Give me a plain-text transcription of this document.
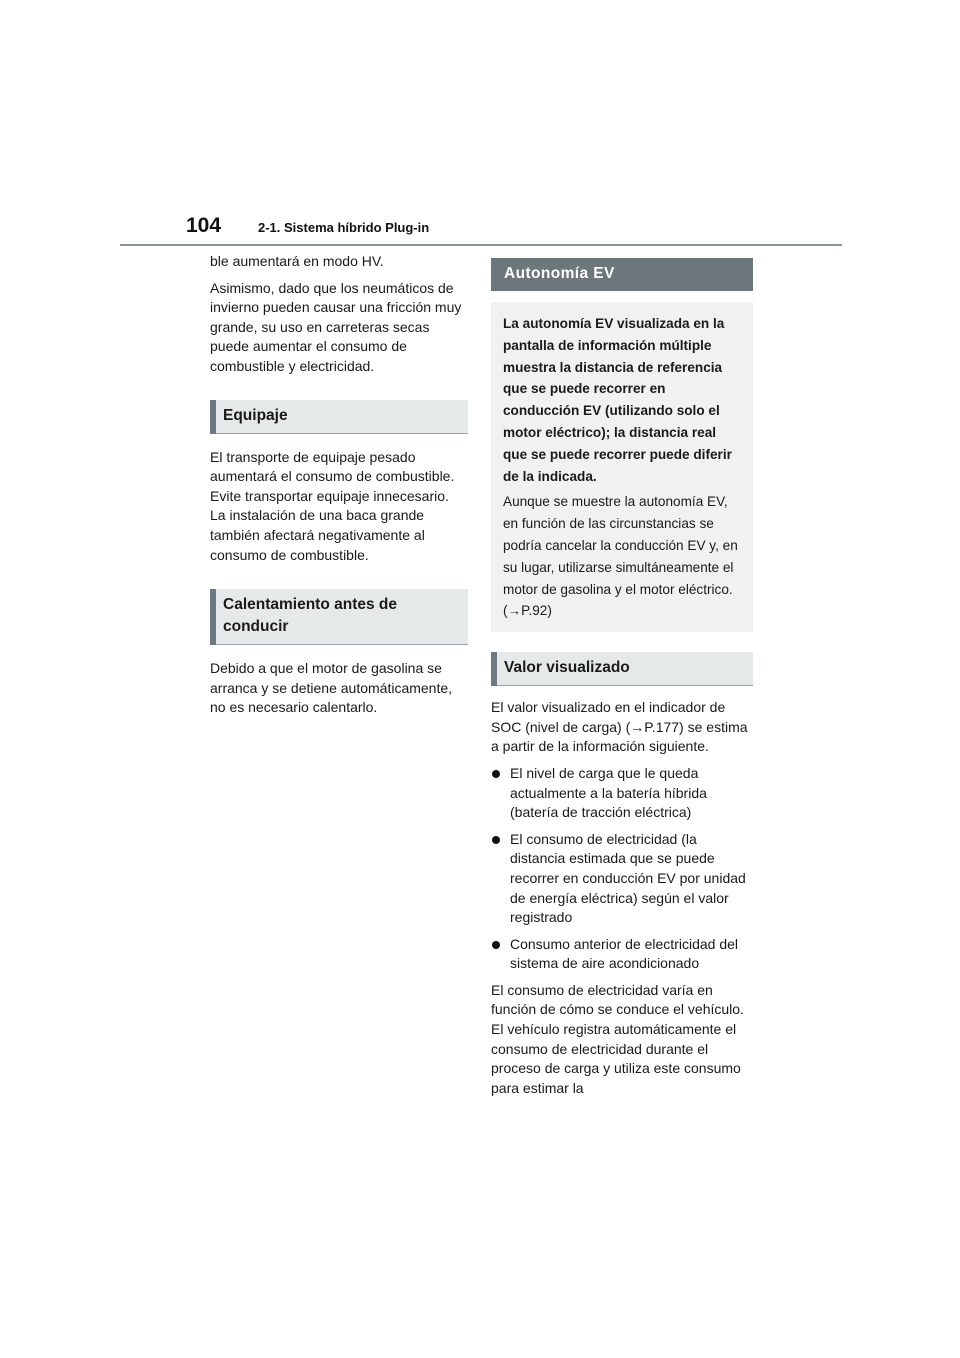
104	2-1. Sistema híbrido Plug-in

ble aumentará en modo HV.

Asimismo, dado que los neumáticos de invierno pueden causar una fricción muy grande, su uso en carreteras secas puede aumentar el consumo de combustible y electricidad.

Equipaje

El transporte de equipaje pesado aumentará el consumo de combustible. Evite transportar equipaje innecesario. La instalación de una baca grande también afectará negativamente al consumo de combustible.

Calentamiento antes de conducir

Debido a que el motor de gasolina se arranca y se detiene automáticamente, no es necesario calentarlo.

Autonomía EV

La autonomía EV visualizada en la pantalla de información múltiple muestra la distancia de referencia que se puede recorrer en conducción EV (utilizando solo el motor eléctrico); la distancia real que se puede recorrer puede diferir de la indicada.

Aunque se muestre la autonomía EV, en función de las circunstancias se podría cancelar la conducción EV y, en su lugar, utilizarse simultáneamente el motor de gasolina y el motor eléctrico. (→P.92)

Valor visualizado

El valor visualizado en el indicador de SOC (nivel de carga) (→P.177) se estima a partir de la información siguiente.

El nivel de carga que le queda actualmente a la batería híbrida (batería de tracción eléctrica)

El consumo de electricidad (la distancia estimada que se puede recorrer en conducción EV por unidad de energía eléctrica) según el valor registrado

Consumo anterior de electricidad del sistema de aire acondicionado

El consumo de electricidad varía en función de cómo se conduce el vehículo. El vehículo registra automáticamente el consumo de electricidad durante el proceso de carga y utiliza este consumo para estimar la
